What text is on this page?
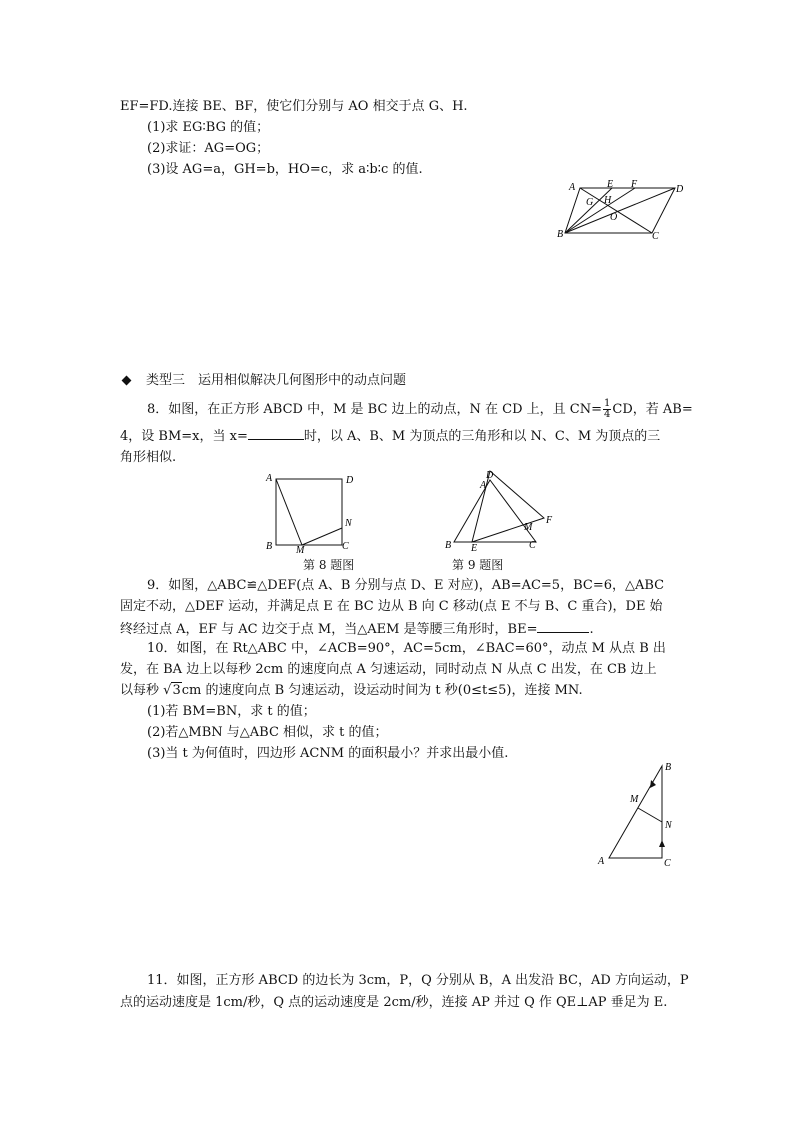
EF=FD.连接 BE、BF，使它们分别与 AO 相交于点 G、H.
(1)求 EG∶BG 的值；
(2)求证：AG=OG；
(3)设 AG=a，GH=b，HO=c，求 a∶b∶c 的值.
A	E F	D
G H
O
B	C
类型三　运用相似解决几何图形中的动点问题
8．如图，在正方形 ABCD 中，M 是 BC 边上的动点，N 在 CD 上，且 $CN= \frac{1}{4}$ CD，若 AB=
4，设 BM=x，当 x=	时，以 A、B、M 为顶点的三角形和以 N、C、M 为顶点的三
角形相似.
A	D
N
B M	C
第 8 题图
D
A
F
M
B E	C
第 9 题图
9．如图，△ABC≌△DEF(点 A、B 分别与点 D、E 对应)，AB=AC=5，BC=6，△ABC
固定不动，△DEF 运动，并满足点 E 在 BC 边从 B 向 C 移动(点 E 不与 B、C 重合)，DE 始
终经过点 A，EF 与 AC 边交于点 M，当△AEM 是等腰三角形时，BE=	.
10．如图，在 Rt△ABC 中，∠ACB=90°，AC=5cm，∠BAC=60°，动点 M 从点 B 出
发，在 BA 边上以每秒 2cm 的速度向点 A 匀速运动，同时动点 N 从点 C 出发，在 CB 边上
以每秒 √3cm 的速度向点 B 匀速运动，设运动时间为 t 秒(0≤t≤5)，连接 MN.
(1)若 BM=BN，求 t 的值；
(2)若△MBN 与△ABC 相似，求 t 的值；
(3)当 t 为何值时，四边形 ACNM 的面积最小？并求出最小值.
B
M
N
A	C
11．如图，正方形 ABCD 的边长为 3cm，P，Q 分别从 B，A 出发沿 BC，AD 方向运动，P
点的运动速度是 1cm/秒，Q 点的运动速度是 2cm/秒，连接 AP 并过 Q 作 QE⊥AP 垂足为 E.
